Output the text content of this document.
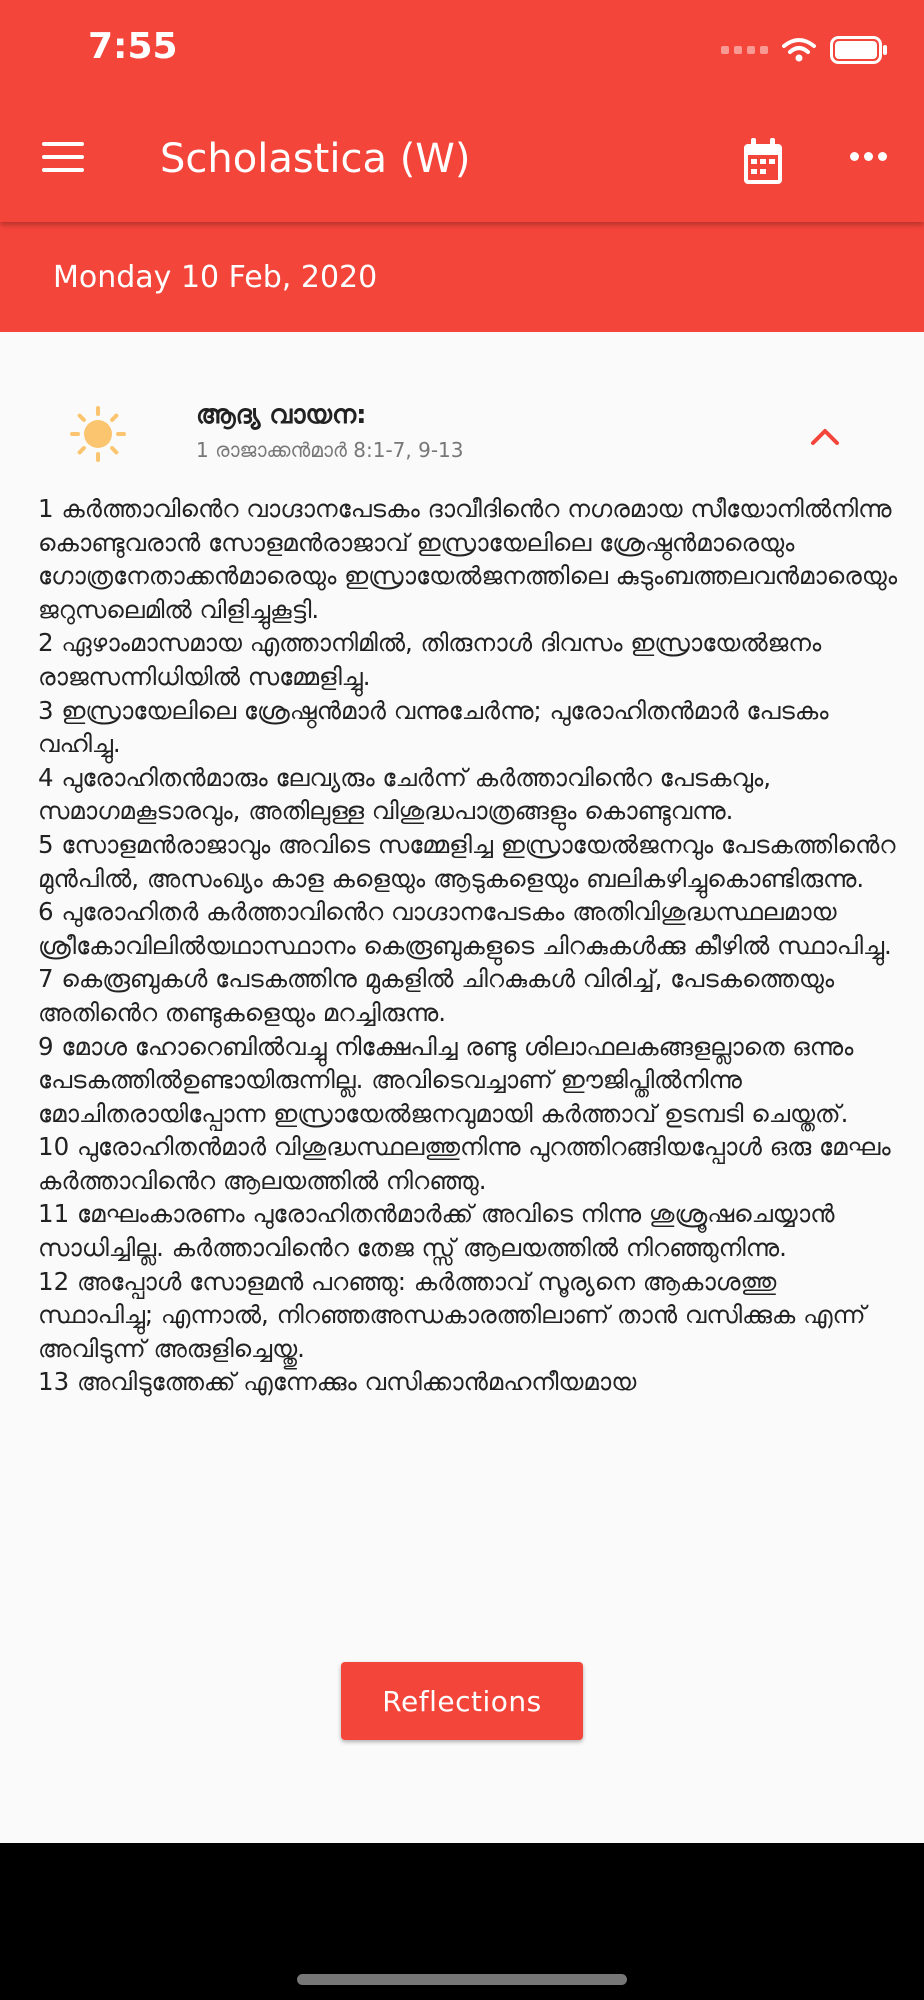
7:55
Scholastica (W)
Monday 10 Feb, 2020
ആദ്യ വായന:
1 രാജാക്കൻമാർ 8:1-7, 9-13
1 കർത്താവിൻെറ വാഗ്ദാനപേടകം ദാവീദിൻെറ നഗരമായ സീയോനിൽനിന്നു കൊണ്ടുവരാൻ സോളമൻരാജാവ് ഇസ്രായേലിലെ ശ്രേഷ്ഠൻമാരെയും ഗോത്രനേതാക്കൻമാരെയും ഇസ്രായേൽജനത്തിലെ കുടുംബത്തലവൻമാരെയും ജറുസലെമിൽ വിളിച്ചുകൂട്ടി.
2 ഏഴാംമാസമായ എത്താനിമിൽ, തിരുനാൾ ദിവസം ഇസ്രായേൽജനം രാജസന്നിധിയിൽ സമ്മേളിച്ചു.
3 ഇസ്രായേലിലെ ശ്രേഷ്ഠൻമാർ വന്നുചേർന്നു; പുരോഹിതൻമാർ പേടകം വഹിച്ചു.
4 പുരോഹിതൻമാരും ലേവ്യരും ചേർന്ന് കർത്താവിൻെറ പേടകവും, സമാഗമകൂടാരവും, അതിലുള്ള വിശുദ്ധപാത്രങ്ങളും കൊണ്ടുവന്നു.
5 സോളമൻരാജാവും അവിടെ സമ്മേളിച്ച ഇസ്രായേൽജനവും പേടകത്തിൻെറ മുൻപിൽ, അസംഖ്യം കാള കളെയും ആടുകളെയും ബലികഴിച്ചുകൊണ്ടിരുന്നു.
6 പുരോഹിതർ കർത്താവിൻെറ വാഗ്ദാനപേടകം അതിവിശുദ്ധസ്ഥലമായ ശ്രീകോവിലിൽയഥാസ്ഥാനം കെരൂബുകളുടെ ചിറകുകൾക്കു കീഴിൽ സ്ഥാപിച്ചു.
7 കെരൂബുകൾ പേടകത്തിനു മുകളിൽ ചിറകുകൾ വിരിച്ച്, പേടകത്തെയും അതിൻെറ തണ്ടുകളെയും മറച്ചിരുന്നു.
9 മോശ ഹോറെബിൽവച്ചു നിക്ഷേപിച്ച രണ്ടു ശിലാഫലകങ്ങളല്ലാതെ ഒന്നും പേടകത്തിൽഉണ്ടായിരുന്നില്ല. അവിടെവച്ചാണ് ഈജിപ്തിൽനിന്നു മോചിതരായിപ്പോന്ന ഇസ്രായേൽജനവുമായി കർത്താവ് ഉടമ്പടി ചെയ്തത്.
10 പുരോഹിതൻമാർ വിശുദ്ധസ്ഥലത്തുനിന്നു പുറത്തിറങ്ങിയപ്പോൾ ഒരു മേഘം കർത്താവിൻെറ ആലയത്തിൽ നിറഞ്ഞു.
11 മേഘംകാരണം പുരോഹിതൻമാർക്ക് അവിടെ നിന്നു ശുശ്രൂഷചെയ്യാൻ സാധിച്ചില്ല. കർത്താവിൻെറ തേജ സ്സ് ആലയത്തിൽ നിറഞ്ഞുനിന്നു.
12 അപ്പോൾ സോളമൻ പറഞ്ഞു: കർത്താവ് സൂര്യനെ ആകാശത്തു സ്ഥാപിച്ചു; എന്നാൽ, നിറഞ്ഞഅന്ധകാരത്തിലാണ് താൻ വസിക്കുക എന്ന് അവിടുന്ന് അരുളിച്ചെയ്തു.
13 അവിടുത്തേക്ക് എന്നേക്കും വസിക്കാൻമഹനീയമായ
Reflections
